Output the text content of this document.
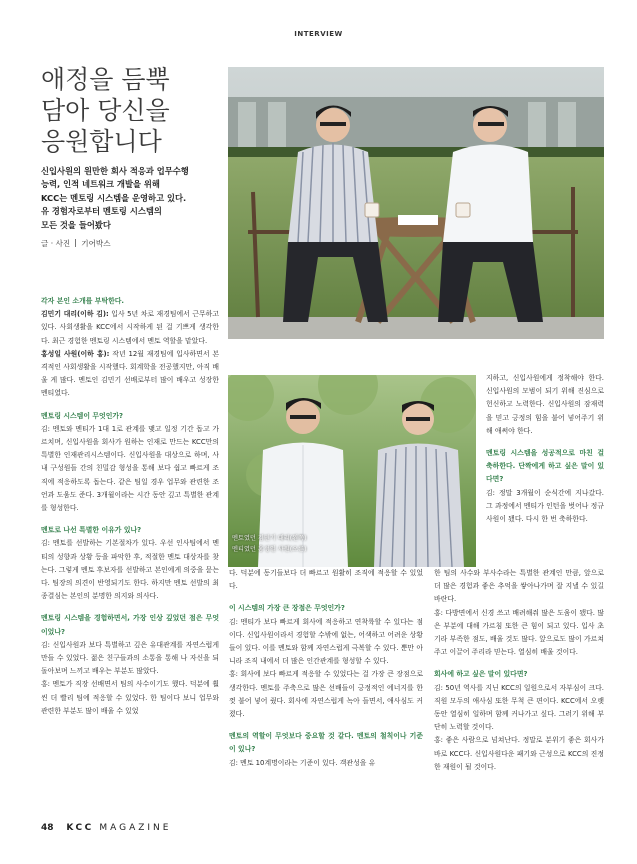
INTERVIEW
애정을 듬뿍
담아 당신을
응원합니다
신입사원의 원만한 회사 적응과 업무수행
능력, 인적 네트워크 개발을 위해
KCC는 멘토링 시스템을 운영하고 있다.
유 경험자로부터 멘토링 시스템의
모든 것을 들어봤다
글 · 사진 기어박스
멘토였던 김민기 대리(왼쪽)
멘티였던 홍성일 사원(오른)

각자 본인 소개를 부탁한다.

김민기 대리(이하 김): 입사 5년 차로 재경팀에서 근무하고 있다. 사회생활을 KCC에서 시작하게 된 걸 기쁘게 생각한다. 최근 경험한 멘토링 시스템에서 멘토 역할을 맡았다.

홍성일 사원(이하 홍): 작년 12월 재경팀에 입사하면서 본격적인 사회생활을 시작했다. 회계학을 전공했지만, 아직 배울 게 많다. 멘토인 김민기 선배로부터 많이 배우고 성장한 멘티였다.

멘토링 시스템이 무엇인가?

김: 멘토와 멘티가 1대 1로 관계를 맺고 일정 기간 돕고 가르치며, 신입사원을 회사가 원하는 인재로 만드는 KCC만의 특별한 인재관리시스템이다. 신입사원을 대상으로 하며, 사내 구성원들 간의 친밀감 형성을 통해 보다 쉽고 빠르게 조직에 적응하도록 돕는다. 같은 팀일 경우 업무와 관련한 조언과 도움도 준다. 3개월이라는 시간 동안 깊고 특별한 관계를 형성한다.

멘토로 나선 특별한 이유가 있나?

김: 멘토를 선발하는 기본절차가 있다. 우선 인사팀에서 멘티의 성향과 상황 등을 파악한 후, 적절한 멘토 대상자를 찾는다. 그렇게 멘토 후보자를 선발하고 본인에게 의중을 묻는다. 팀장의 의견이 반영되기도 한다. 하지만 멘토 선발의 최종결심는 본인의 분명한 의지와 의사다.

멘토링 시스템을 경험하면서, 가장 인상 깊었던 점은 무엇이었나?

김: 신입사원과 보다 특별하고 깊은 유대관계를 자연스럽게 만들 수 있었다. 젊은 친구들과의 소통을 통해 나 자신을 되돌아보며 느끼고 배우는 부분도 많았다.

홍: 멘토가 직장 선배면서 팀의 사수이기도 했다. 덕분에 훨씬 더 빨리 팀에 적응할 수 있었다. 한 팀이다 보니 업무와 관련한 부분도 많이 배울 수 있었

지하고, 신입사원에게 정착해야 한다. 신입사원의 모범이 되기 위해 진심으로 헌신하고 노력한다. 신입사원의 잠재력을 믿고 긍정의 힘을 불어 넣어주기 위해 애써야 한다.

멘토링 시스템을 성공적으로 마친 걸 축하한다. 단짝에게 하고 싶은 말이 있다면?

김: 정말 3개월이 순식간에 지나갔다. 그 과정에서 멘티가 인턴을 벗어나 정규사원이 됐다. 다시 한 번 축하한다.

다. 덕분에 동기들보다 더 빠르고 원활히 조직에 적응할 수 있었다.

이 시스템의 가장 큰 장점은 무엇인가?

김: 멘티가 보다 빠르게 회사에 적응하고 연착륙할 수 있다는 점이다. 신입사원이라서 경험할 수밖에 없는, 어색하고 어려운 상황들이 있다. 이를 멘토와 함께 자연스럽게 극복할 수 있다. 뿐만 아니라 조직 내에서 더 많은 인간관계를 형성할 수 있다.

홍: 회사에 보다 빠르게 적응할 수 있었다는 걸 가장 큰 장점으로 생각한다. 멘토를 주축으로 많은 선배들이 긍정적인 에너지를 한껏 불어 넣어 줬다. 회사에 자연스럽게 녹아 들면서, 애사심도 커졌다.

멘토의 역할이 무엇보다 중요할 것 같다. 멘토의 철칙이나 기준이 있나?

김: 멘토 10계명이라는 기준이 있다. 객관성을 유

한 팀의 사수와 부사수라는 특별한 관계인 만큼, 앞으로 더 많은 경험과 좋은 추억을 쌓아나가며 잘 지낼 수 있길 바란다.

홍: 다방면에서 신경 쓰고 배려해줘 많은 도움이 됐다. 많은 부분에 대해 가르침 또한 큰 힘이 되고 있다. 입사 초기라 부족한 점도, 배울 것도 많다. 앞으로도 많이 가르쳐주고 이끌어 주리라 믿는다. 열심히 배울 것이다.

회사에 하고 싶은 말이 있다면?

김: 50년 역사를 지닌 KCC의 일원으로서 자부심이 크다. 직원 모두의 애사심 또한 무척 큰 편이다. KCC에서 오랫동안 열심히 일하며 함께 커나가고 싶다. 그러기 위해 부단히 노력할 것이다.

홍: 좋은 사람으로 넘쳐난다. 정말로 분위기 좋은 회사가 바로 KCC다. 신입사원다운 패기와 근성으로 KCC의 진정한 재원이 될 것이다.

48 KCC MAGAZINE
